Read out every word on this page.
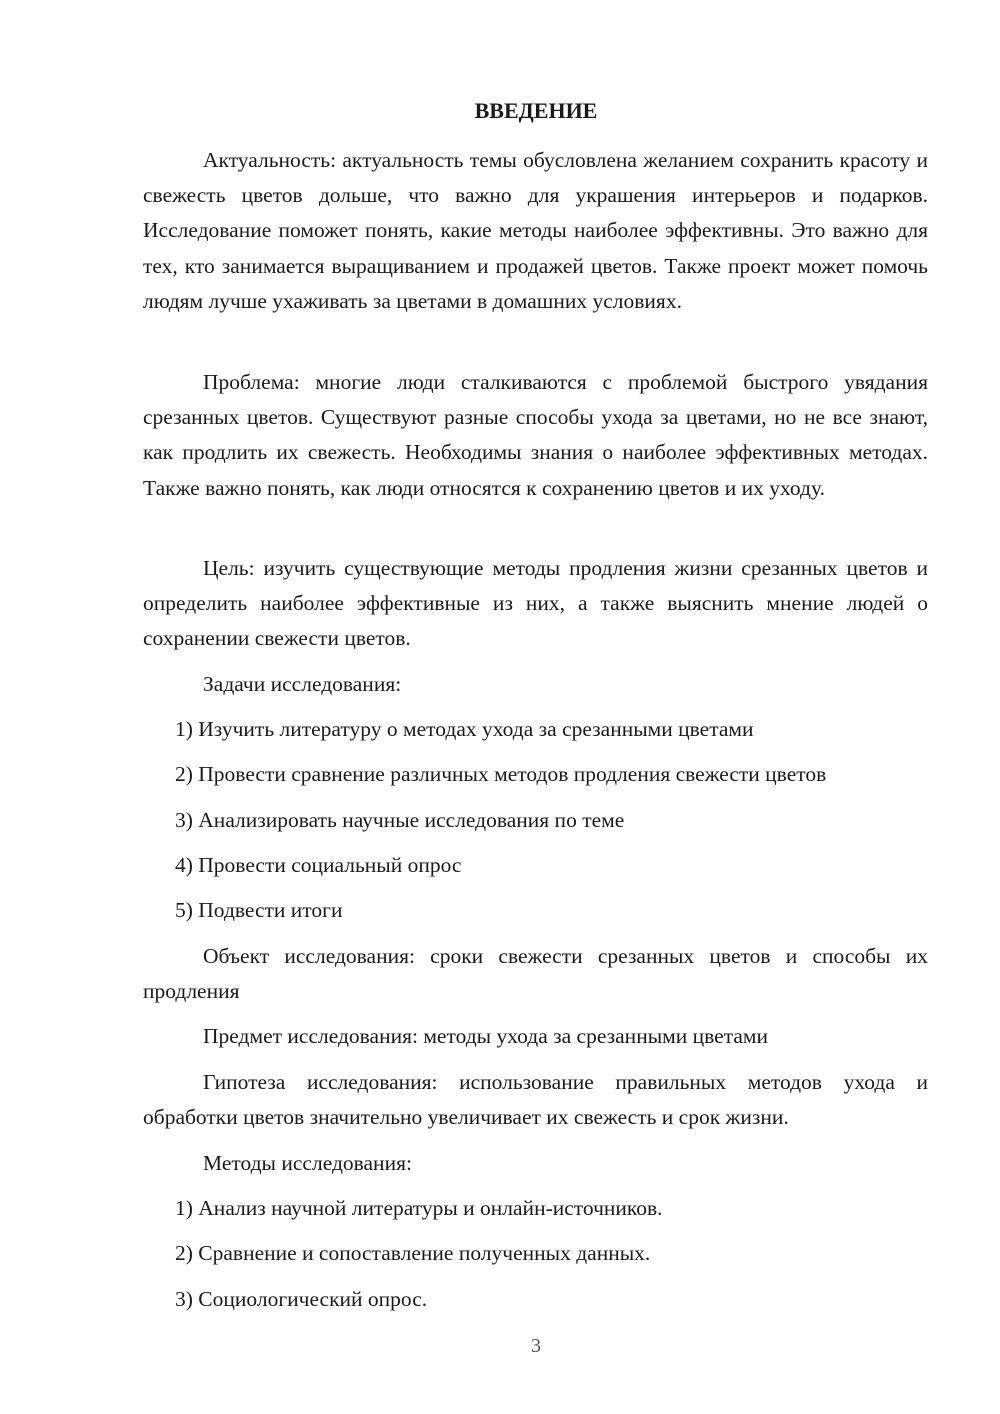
ВВЕДЕНИЕ

Актуальность: актуальность темы обусловлена желанием сохранить красоту и свежесть цветов дольше, что важно для украшения интерьеров и подарков. Исследование поможет понять, какие методы наиболее эффективны. Это важно для тех, кто занимается выращиванием и продажей цветов. Также проект может помочь людям лучше ухаживать за цветами в домашних условиях.

Проблема: многие люди сталкиваются с проблемой быстрого увядания срезанных цветов. Существуют разные способы ухода за цветами, но не все знают, как продлить их свежесть. Необходимы знания о наиболее эффективных методах. Также важно понять, как люди относятся к сохранению цветов и их уходу.

Цель: изучить существующие методы продления жизни срезанных цветов и определить наиболее эффективные из них, а также выяснить мнение людей о сохранении свежести цветов.

Задачи исследования:

1) Изучить литературу о методах ухода за срезанными цветами

2) Провести сравнение различных методов продления свежести цветов

3) Анализировать научные исследования по теме

4) Провести социальный опрос

5) Подвести итоги

Объект исследования: сроки свежести срезанных цветов и способы их продления

Предмет исследования: методы ухода за срезанными цветами

Гипотеза исследования: использование правильных методов ухода и обработки цветов значительно увеличивает их свежесть и срок жизни.

Методы исследования:

1) Анализ научной литературы и онлайн-источников.

2) Сравнение и сопоставление полученных данных.

3) Социологический опрос.

3
